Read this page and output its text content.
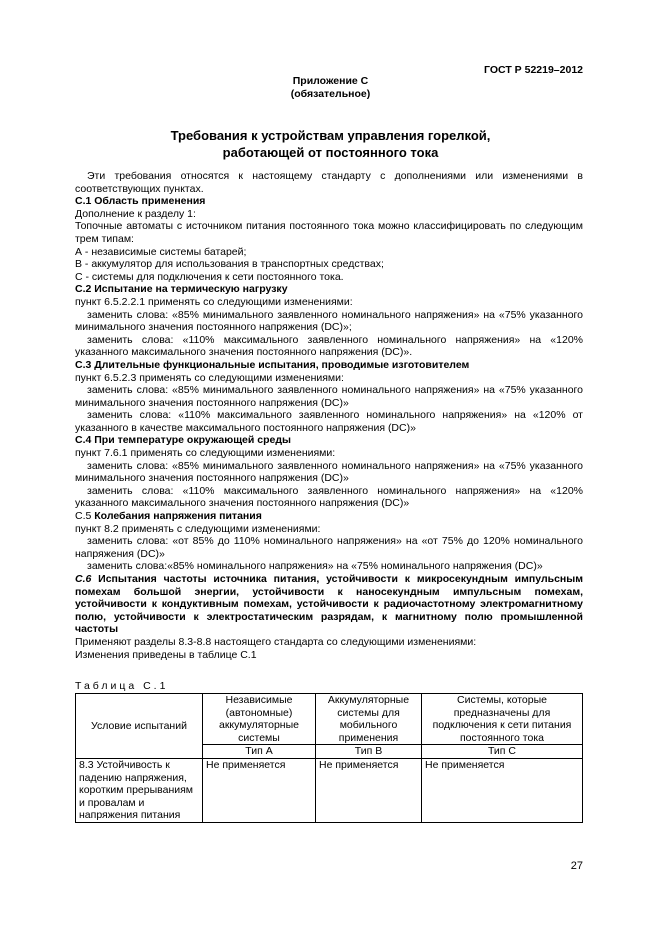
ГОСТ Р 52219–2012
Приложение С
(обязательное)
Требования к устройствам управления горелкой,
работающей от постоянного тока

Эти требования относятся к настоящему стандарту с дополнениями или изменениями в соответствующих пунктах.

С.1 Область применения

Дополнение к разделу 1:

Топочные автоматы с источником питания постоянного тока можно классифицировать по следующим трем типам:

А - независимые системы батарей;

В - аккумулятор для использования в транспортных средствах;

С - системы для подключения к сети постоянного тока.

С.2 Испытание на термическую нагрузку

пункт 6.5.2.2.1 применять со следующими изменениями:

заменить слова: «85% минимального заявленного номинального напряжения» на «75% указанного минимального значения постоянного напряжения (DC)»;

заменить слова: «110% максимального заявленного номинального напряжения» на «120% указанного максимального значения постоянного напряжения (DC)».

С.3 Длительные функциональные испытания, проводимые изготовителем

пункт 6.5.2.3 применять со следующими изменениями:

заменить слова: «85% минимального заявленного номинального напряжения» на «75% указанного минимального значения постоянного напряжения (DC)»

заменить слова: «110% максимального заявленного номинального напряжения» на «120% от указанного в качестве максимального постоянного напряжения (DC)»

С.4 При температуре окружающей среды

пункт 7.6.1 применять со следующими изменениями:

заменить слова: «85% минимального заявленного номинального напряжения» на «75% указанного минимального значения постоянного напряжения (DC)»

заменить слова: «110% максимального заявленного номинального напряжения» на «120% указанного максимального значения постоянного напряжения (DC)»

С.5 Колебания напряжения питания

пункт 8.2 применять с следующими изменениями:

заменить слова: «от 85% до 110% номинального напряжения» на «от 75% до 120% номинального напряжения (DC)»

заменить слова:«85% номинального напряжения» на «75% номинального напряжения (DC)»

С.6 Испытания частоты источника питания, устойчивости к микросекундным импульсным помехам большой энергии, устойчивости к наносекундным импульсным помехам, устойчивости к кондуктивным помехам, устойчивости к радиочастотному электромагнитному полю, устойчивости к электростатическим разрядам, к магнитному полю промышленной частоты

Применяют разделы 8.3-8.8 настоящего стандарта со следующими изменениями:

Изменения приведены в таблице С.1

Таблица С.1
Условие испытаний	Независимые (автономные) аккумуляторные системы	Аккумуляторные системы для мобильного применения	Системы, которые предназначены для подключения к сети питания постоянного тока
	Тип А	Тип В	Тип С
8.3 Устойчивость к падению напряжения, коротким прерываниям и провалам и напряжения питания	Не применяется	Не применяется	Не применяется
27
